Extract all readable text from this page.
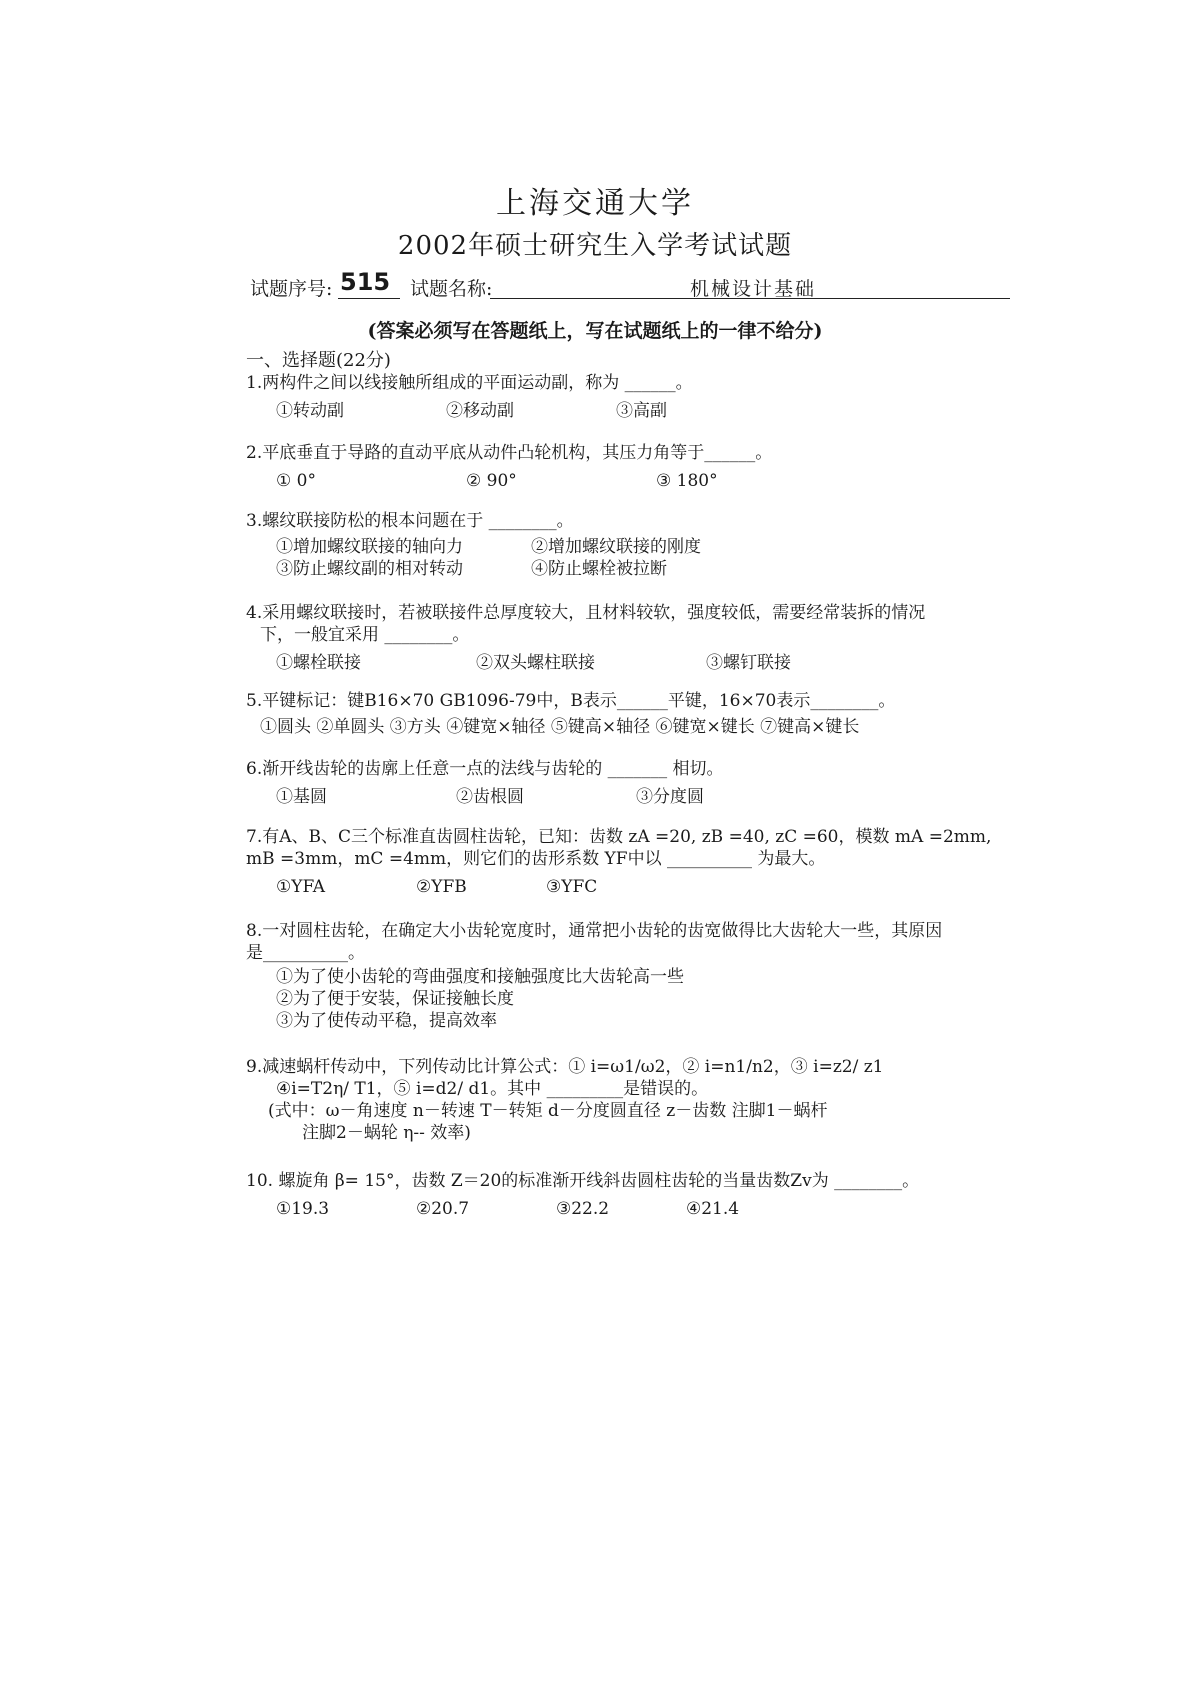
上海交通大学
2002年硕士研究生入学考试试题
试题序号: 515 试题名称:	机械设计基础
(答案必须写在答题纸上，写在试题纸上的一律不给分)
一、选择题(22分)
1.两构件之间以线接触所组成的平面运动副，称为 ______。
①转动副	②移动副	③高副
2.平底垂直于导路的直动平底从动件凸轮机构，其压力角等于______。
① 0°	② 90°	③ 180°
3.螺纹联接防松的根本问题在于 ________。
①增加螺纹联接的轴向力　　　　②增加螺纹联接的刚度
③防止螺纹副的相对转动　　　　④防止螺栓被拉断
4.采用螺纹联接时，若被联接件总厚度较大，且材料较软，强度较低，需要经常装拆的情况
下，一般宜采用 ________。
①螺栓联接	②双头螺柱联接	③螺钉联接
5.平键标记：键B16×70 GB1096-79中，B表示______平键，16×70表示________。
①圆头 ②单圆头 ③方头 ④键宽×轴径 ⑤键高×轴径 ⑥键宽×键长 ⑦键高×键长
6.渐开线齿轮的齿廓上任意一点的法线与齿轮的 _______ 相切。
①基圆	②齿根圆	③分度圆
7.有A、B、C三个标准直齿圆柱齿轮，已知：齿数 zA =20, zB =40, zC =60，模数 mA =2mm,
mB =3mm，mC =4mm，则它们的齿形系数 YF中以 __________ 为最大。
①YFA	②YFB	③YFC
8.一对圆柱齿轮，在确定大小齿轮宽度时，通常把小齿轮的齿宽做得比大齿轮大一些，其原因
是__________。
①为了使小齿轮的弯曲强度和接触强度比大齿轮高一些
②为了便于安装，保证接触长度
③为了使传动平稳，提高效率
9.减速蜗杆传动中，下列传动比计算公式：① i=ω1/ω2，② i=n1/n2，③ i=z2/ z1
④i=T2η/ T1，⑤ i=d2/ d1。其中 _________是错误的。
(式中：ω－角速度 n－转速 T－转矩 d－分度圆直径 z－齿数 注脚1－蜗杆
　　注脚2－蜗轮 η-- 效率)
10. 螺旋角 β= 15°，齿数 Z＝20的标准渐开线斜齿圆柱齿轮的当量齿数Zv为 ________。
①19.3	②20.7	③22.2	④21.4
